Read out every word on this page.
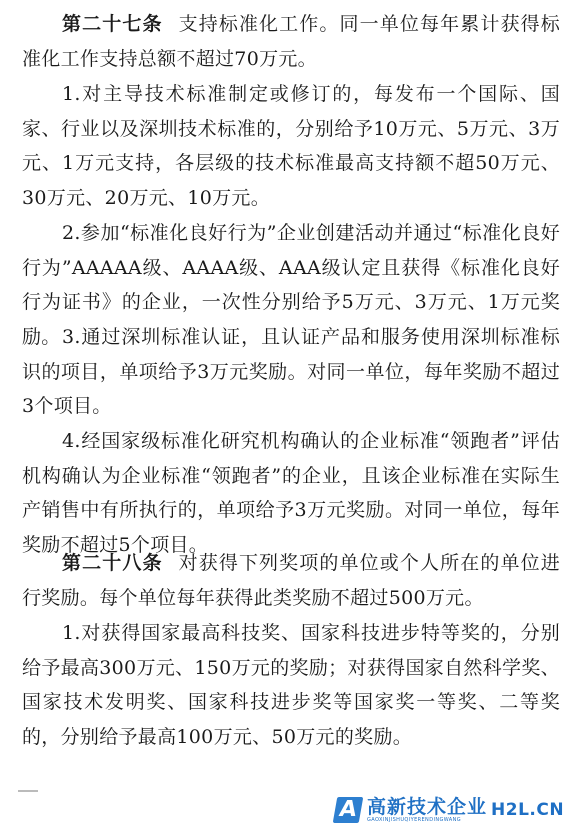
第二十七条 支持标准化工作。同一单位每年累计获得标准化工作支持总额不超过70万元。

1.对主导技术标准制定或修订的，每发布一个国际、国家、行业以及深圳技术标准的，分别给予10万元、5万元、3万元、1万元支持，各层级的技术标准最高支持额不超50万元、30万元、20万元、10万元。

2.参加“标准化良好行为”企业创建活动并通过“标准化良好行为”AAAAA级、AAAA级、AAA级认定且获得《标准化良好行为证书》的企业，一次性分别给予5万元、3万元、1万元奖励。 3.通过深圳标准认证，且认证产品和服务使用深圳标准标识的项目，单项给予3万元奖励。对同一单位，每年奖励不超过3个项目。

4.经国家级标准化研究机构确认的企业标准“领跑者”评估机构确认为企业标准“领跑者”的企业，且该企业标准在实际生产销售中有所执行的，单项给予3万元奖励。对同一单位，每年奖励不超过5个项目。

第二十八条 对获得下列奖项的单位或个人所在的单位进行奖励。每个单位每年获得此类奖励不超过500万元。

1.对获得国家最高科技奖、国家科技进步特等奖的，分别给予最高300万元、150万元的奖励；对获得国家自然科学奖、国家技术发明奖、国家科技进步奖等国家奖一等奖、二等奖的，分别给予最高100万元、50万元的奖励。

A 高新技术企业
GAOXINJISHUQIYERENDINGWANG	H2L.CN
